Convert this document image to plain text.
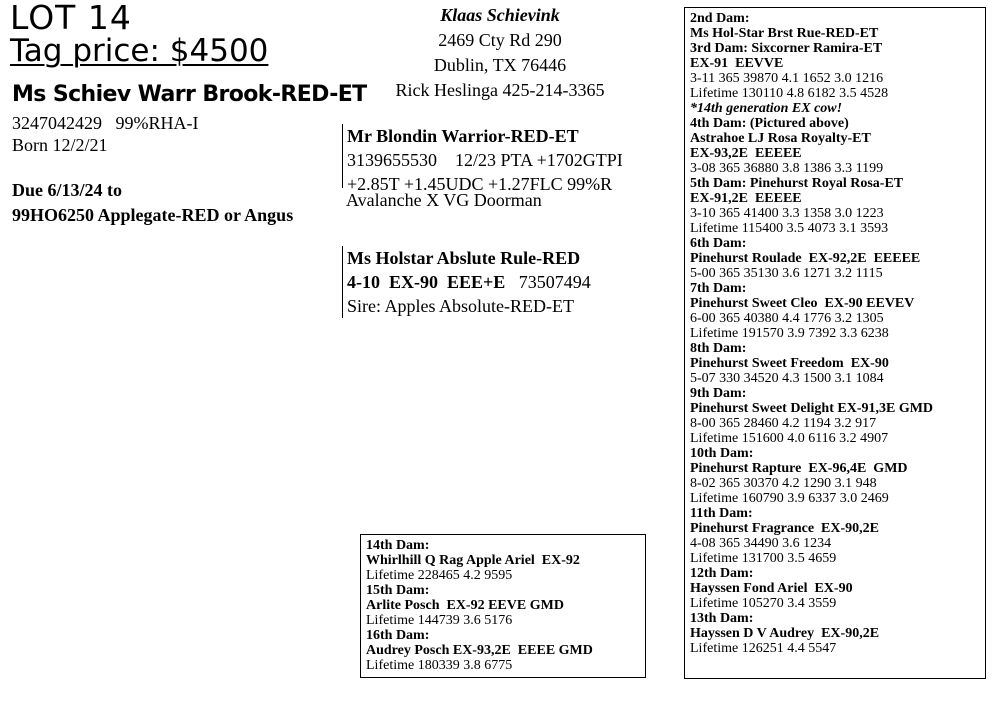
LOT 14
Tag price: $4500
Ms Schiev Warr Brook-RED-ET
3247042429 99%RHA-I
Born 12/2/21
Due 6/13/24 to
99HO6250 Applegate-RED or Angus
Klaas Schievink
2469 Cty Rd 290
Dublin, TX 76446
Rick Heslinga 425-214-3365
Mr Blondin Warrior-RED-ET
3139655530    12/23 PTA +1702GTPI
+2.85T +1.45UDC +1.27FLC 99%R
Avalanche X VG Doorman
Ms Holstar Abslute Rule-RED
4-10  EX-90  EEE+E 73507494
Sire: Apples Absolute-RED-ET
2nd Dam:
Ms Hol-Star Brst Rue-RED-ET
3rd Dam: Sixcorner Ramira-ET
EX-91  EEVVE
3-11 365 39870 4.1 1652 3.0 1216
Lifetime 130110 4.8 6182 3.5 4528
*14th generation EX cow!
4th Dam: (Pictured above)
Astrahoe LJ Rosa Royalty-ET
EX-93,2E  EEEEE
3-08 365 36880 3.8 1386 3.3 1199
5th Dam: Pinehurst Royal Rosa-ET
EX-91,2E  EEEEE
3-10 365 41400 3.3 1358 3.0 1223
Lifetime 115400 3.5 4073 3.1 3593
6th Dam:
Pinehurst Roulade  EX-92,2E  EEEEE
5-00 365 35130 3.6 1271 3.2 1115
7th Dam:
Pinehurst Sweet Cleo  EX-90 EEVEV
6-00 365 40380 4.4 1776 3.2 1305
Lifetime 191570 3.9 7392 3.3 6238
8th Dam:
Pinehurst Sweet Freedom  EX-90
5-07 330 34520 4.3 1500 3.1 1084
9th Dam:
Pinehurst Sweet Delight EX-91,3E GMD
8-00 365 28460 4.2 1194 3.2 917
Lifetime 151600 4.0 6116 3.2 4907
10th Dam:
Pinehurst Rapture  EX-96,4E  GMD
8-02 365 30370 4.2 1290 3.1 948
Lifetime 160790 3.9 6337 3.0 2469
11th Dam:
Pinehurst Fragrance  EX-90,2E
4-08 365 34490 3.6 1234
Lifetime 131700 3.5 4659
12th Dam:
Hayssen Fond Ariel  EX-90
Lifetime 105270 3.4 3559
13th Dam:
Hayssen D V Audrey  EX-90,2E
Lifetime 126251 4.4 5547
14th Dam:
Whirlhill Q Rag Apple Ariel  EX-92
Lifetime 228465 4.2 9595
15th Dam:
Arlite Posch  EX-92 EEVE GMD
Lifetime 144739 3.6 5176
16th Dam:
Audrey Posch EX-93,2E  EEEE GMD
Lifetime 180339 3.8 6775
